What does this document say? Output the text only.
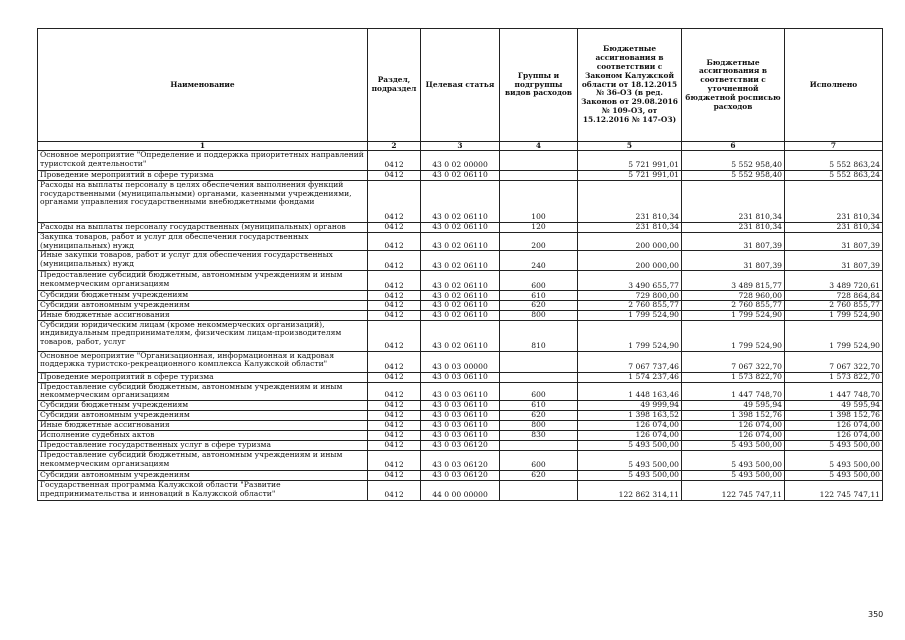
Наименование	Раздел, подраздел	Целевая статья	Группы и подгруппы видов расходов	Бюджетные ассигнования в соответствии с Законом Калужской области от 18.12.2015 № 36-ОЗ (в ред. Законов от 29.08.2016 № 109-ОЗ, от 15.12.2016 № 147-ОЗ)	Бюджетные ассигнования в соответствии с уточненной бюджетной росписью расходов	Исполнено
1	2	3	4	5	6	7
Основное мероприятие "Определение и поддержка приоритетных направлений туристской деятельности"	0412	43 0 02 00000		5 721 991,01	5 552 958,40	5 552 863,24
Проведение мероприятий в сфере туризма	0412	43 0 02 06110		5 721 991,01	5 552 958,40	5 552 863,24
Расходы на выплаты персоналу в целях обеспечения выполнения функций государственными (муниципальными) органами, казенными учреждениями, органами управления государственными внебюджетными фондами	0412	43 0 02 06110	100	231 810,34	231 810,34	231 810,34
Расходы на выплаты персоналу государственных (муниципальных) органов	0412	43 0 02 06110	120	231 810,34	231 810,34	231 810,34
Закупка товаров, работ и услуг для обеспечения государственных (муниципальных) нужд	0412	43 0 02 06110	200	200 000,00	31 807,39	31 807,39
Иные закупки товаров, работ и услуг для обеспечения государственных (муниципальных) нужд	0412	43 0 02 06110	240	200 000,00	31 807,39	31 807,39
Предоставление субсидий бюджетным, автономным учреждениям и иным некоммерческим организациям	0412	43 0 02 06110	600	3 490 655,77	3 489 815,77	3 489 720,61
Субсидии бюджетным учреждениям	0412	43 0 02 06110	610	729 800,00	728 960,00	728 864,84
Субсидии автономным учреждениям	0412	43 0 02 06110	620	2 760 855,77	2 760 855,77	2 760 855,77
Иные бюджетные ассигнования	0412	43 0 02 06110	800	1 799 524,90	1 799 524,90	1 799 524,90
Субсидии юридическим лицам (кроме некоммерческих организаций), индивидуальным предпринимателям, физическим лицам-производителям товаров, работ, услуг	0412	43 0 02 06110	810	1 799 524,90	1 799 524,90	1 799 524,90
Основное мероприятие "Организационная, информационная и кадровая поддержка туристско-рекреационного комплекса Калужской области"	0412	43 0 03 00000		7 067 737,46	7 067 322,70	7 067 322,70
Проведение мероприятий в сфере туризма	0412	43 0 03 06110		1 574 237,46	1 573 822,70	1 573 822,70
Предоставление субсидий бюджетным, автономным учреждениям и иным некоммерческим организациям	0412	43 0 03 06110	600	1 448 163,46	1 447 748,70	1 447 748,70
Субсидии бюджетным учреждениям	0412	43 0 03 06110	610	49 999,94	49 595,94	49 595,94
Субсидии автономным учреждениям	0412	43 0 03 06110	620	1 398 163,52	1 398 152,76	1 398 152,76
Иные бюджетные ассигнования	0412	43 0 03 06110	800	126 074,00	126 074,00	126 074,00
Исполнение судебных актов	0412	43 0 03 06110	830	126 074,00	126 074,00	126 074,00
Предоставление государственных услуг в сфере туризма	0412	43 0 03 06120		5 493 500,00	5 493 500,00	5 493 500,00
Предоставление субсидий бюджетным, автономным учреждениям и иным некоммерческим организациям	0412	43 0 03 06120	600	5 493 500,00	5 493 500,00	5 493 500,00
Субсидии автономным учреждениям	0412	43 0 03 06120	620	5 493 500,00	5 493 500,00	5 493 500,00
Государственная программа Калужской области "Развитие предпринимательства и инноваций в Калужской области"	0412	44 0 00 00000		122 862 314,11	122 745 747,11	122 745 747,11
350
